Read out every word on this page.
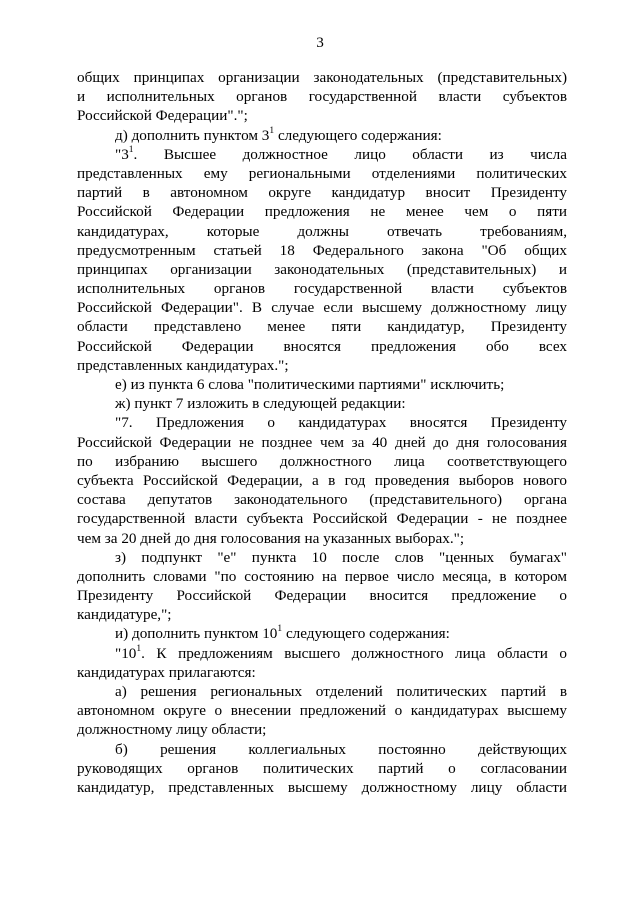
3
общих принципах организации законодательных (представительных)
и исполнительных органов государственной власти субъектов
Российской Федерации".";
д) дополнить пунктом $3^1$ следующего содержания:
"$3^1$. Высшее должностное лицо области из числа
представленных ему региональными отделениями политических
партий в автономном округе кандидатур вносит Президенту
Российской Федерации предложения не менее чем о пяти
кандидатурах, которые должны отвечать требованиям,
предусмотренным статьей 18 Федерального закона "Об общих
принципах организации законодательных (представительных) и
исполнительных органов государственной власти субъектов
Российской Федерации". В случае если высшему должностному лицу
области представлено менее пяти кандидатур, Президенту
Российской Федерации вносятся предложения обо всех
представленных кандидатурах.";
е) из пункта 6 слова "политическими партиями" исключить;
ж) пункт 7 изложить в следующей редакции:
"7. Предложения о кандидатурах вносятся Президенту
Российской Федерации не позднее чем за 40 дней до дня голосования
по избранию высшего должностного лица соответствующего
субъекта Российской Федерации, а в год проведения выборов нового
состава депутатов законодательного (представительного) органа
государственной власти субъекта Российской Федерации - не позднее
чем за 20 дней до дня голосования на указанных выборах.";
з) подпункт "е" пункта 10 после слов "ценных бумагах"
дополнить словами "по состоянию на первое число месяца, в котором
Президенту Российской Федерации вносится предложение о
кандидатуре,";
и) дополнить пунктом $10^1$ следующего содержания:
"$10^1$. К предложениям высшего должностного лица области о
кандидатурах прилагаются:
а) решения региональных отделений политических партий в
автономном округе о внесении предложений о кандидатурах высшему
должностному лицу области;
б) решения коллегиальных постоянно действующих
руководящих органов политических партий о согласовании
кандидатур, представленных высшему должностному лицу области
